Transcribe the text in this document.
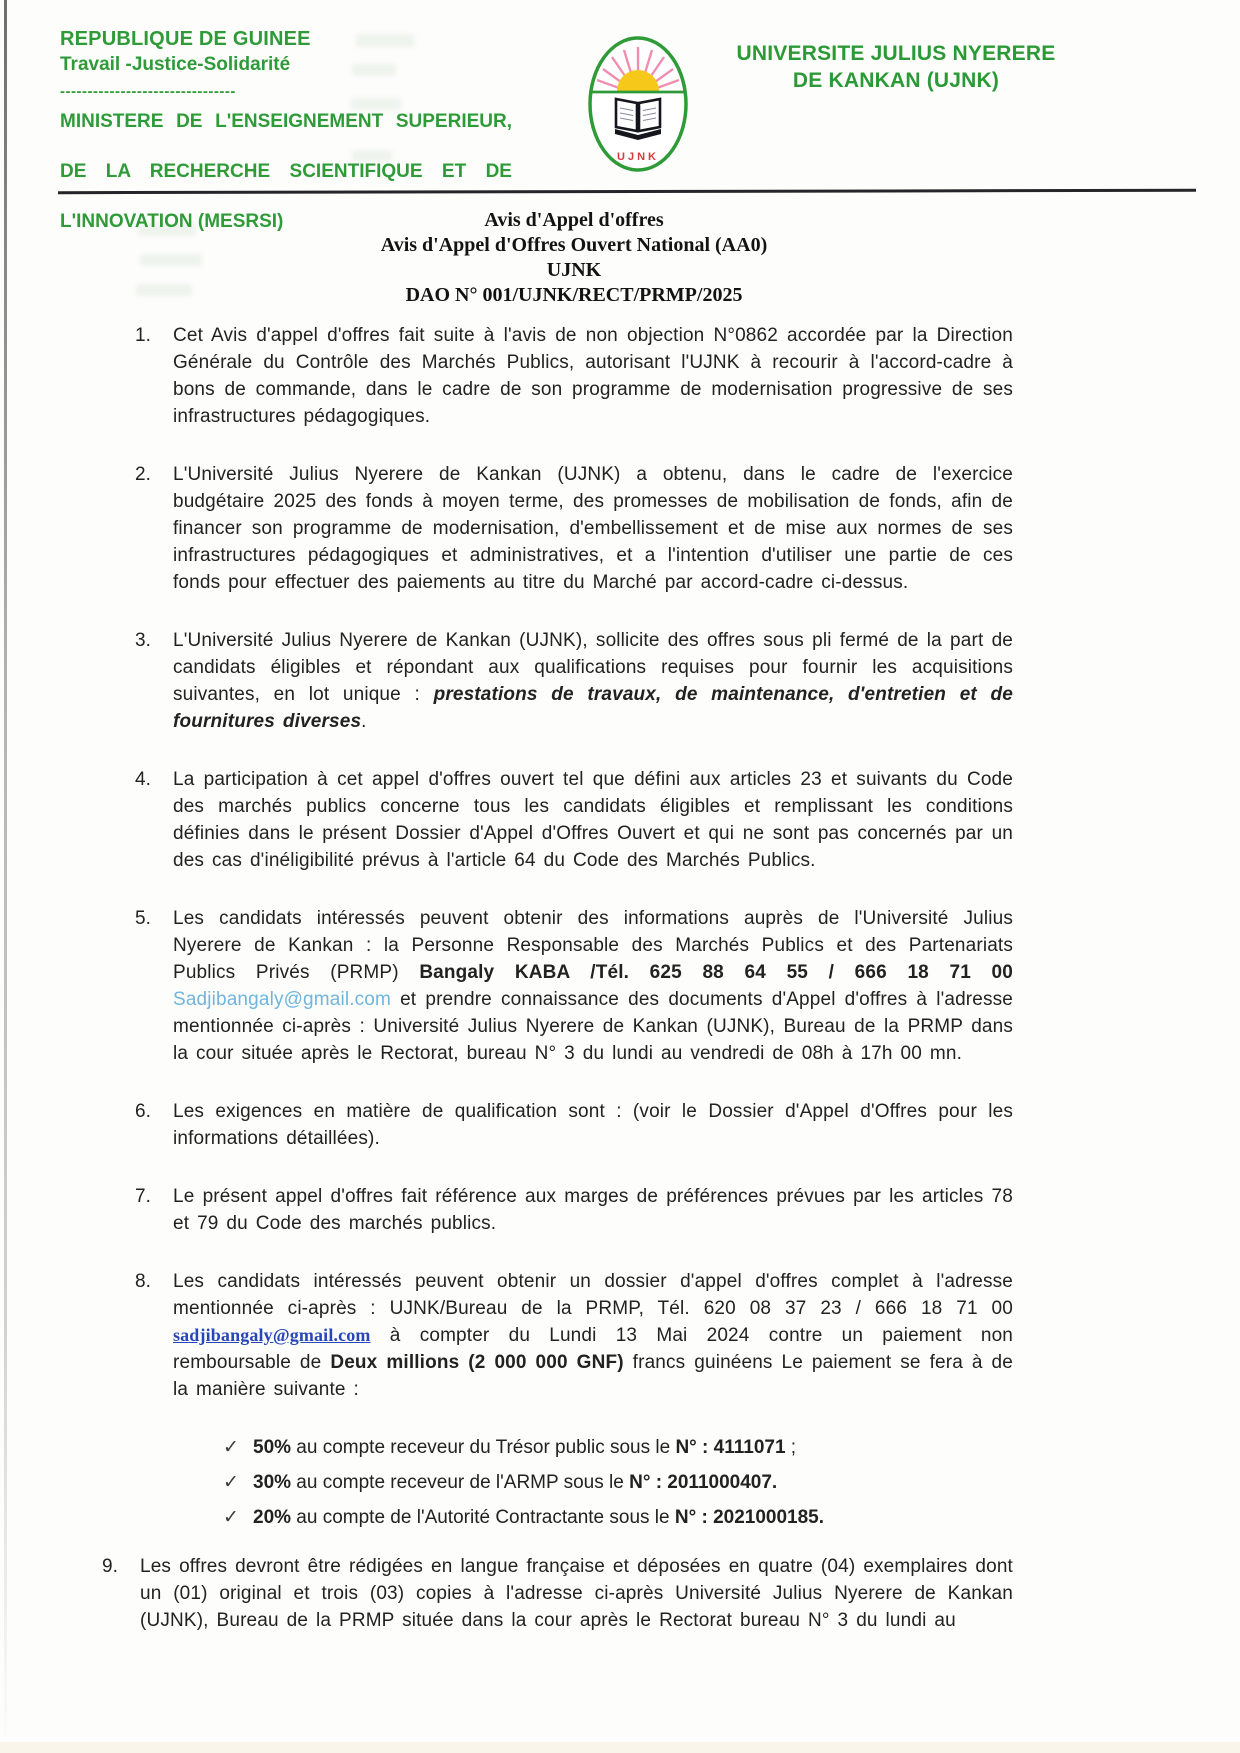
REPUBLIQUE DE GUINEE
Travail -Justice-Solidarité
--------------------------------
MINISTERE DE L'ENSEIGNEMENT SUPERIEUR,
DE LA RECHERCHE SCIENTIFIQUE ET DE
L'INNOVATION (MESRSI)
UJNK
UNIVERSITE JULIUS NYERERE
DE KANKAN (UJNK)
Avis d'Appel d'offres
Avis d'Appel d'Offres Ouvert National (AA0)
UJNK
DAO N° 001/UJNK/RECT/PRMP/2025
1.	Cet Avis d'appel d'offres fait suite à l'avis de non objection N°0862 accordée par la Direction Générale du Contrôle des Marchés Publics, autorisant l'UJNK à recourir à l'accord-cadre à bons de commande, dans le cadre de son programme de modernisation progressive de ses infrastructures pédagogiques.

2.	L'Université Julius Nyerere de Kankan (UJNK) a obtenu, dans le cadre de l'exercice budgétaire 2025 des fonds à moyen terme, des promesses de mobilisation de fonds, afin de financer son programme de modernisation, d'embellissement et de mise aux normes de ses infrastructures pédagogiques et administratives, et a l'intention d'utiliser une partie de ces fonds pour effectuer des paiements au titre du Marché par accord-cadre ci-dessus.

3.	L'Université Julius Nyerere de Kankan (UJNK), sollicite des offres sous pli fermé de la part de candidats éligibles et répondant aux qualifications requises pour fournir les acquisitions suivantes, en lot unique : prestations de travaux, de maintenance, d'entretien et de fournitures diverses.

4.	La participation à cet appel d'offres ouvert tel que défini aux articles 23 et suivants du Code des marchés publics concerne tous les candidats éligibles et remplissant les conditions définies dans le présent Dossier d'Appel d'Offres Ouvert et qui ne sont pas concernés par un des cas d'inéligibilité prévus à l'article 64 du Code des Marchés Publics.

5.	Les candidats intéressés peuvent obtenir des informations auprès de l'Université Julius Nyerere de Kankan : la Personne Responsable des Marchés Publics et des Partenariats Publics Privés (PRMP) Bangaly KABA /Tél. 625 88 64 55 / 666 18 71 00 Sadjibangaly@gmail.com et prendre connaissance des documents d'Appel d'offres à l'adresse mentionnée ci-après : Université Julius Nyerere de Kankan (UJNK), Bureau de la PRMP dans la cour située après le Rectorat, bureau N° 3 du lundi au vendredi de 08h à 17h 00 mn.

6.	Les exigences en matière de qualification sont : (voir le Dossier d'Appel d'Offres pour les informations détaillées).

7.	Le présent appel d'offres fait référence aux marges de préférences prévues par les articles 78 et 79 du Code des marchés publics.

8.	Les candidats intéressés peuvent obtenir un dossier d'appel d'offres complet à l'adresse mentionnée ci-après : UJNK/Bureau de la PRMP, Tél. 620 08 37 23 / 666 18 71 00 sadjibangaly@gmail.com à compter du Lundi 13 Mai 2024 contre un paiement non remboursable de Deux millions (2 000 000 GNF) francs guinéens Le paiement se fera à de la manière suivante :

✓ 50% au compte receveur du Trésor public sous le N° : 4111071 ;

✓ 30% au compte receveur de l'ARMP sous le N° : 2011000407.

✓ 20% au compte de l'Autorité Contractante sous le N° : 2021000185.

9.	Les offres devront être rédigées en langue française et déposées en quatre (04) exemplaires dont un (01) original et trois (03) copies à l'adresse ci-après Université Julius Nyerere de Kankan (UJNK), Bureau de la PRMP située dans la cour après le Rectorat bureau N° 3 du lundi au
